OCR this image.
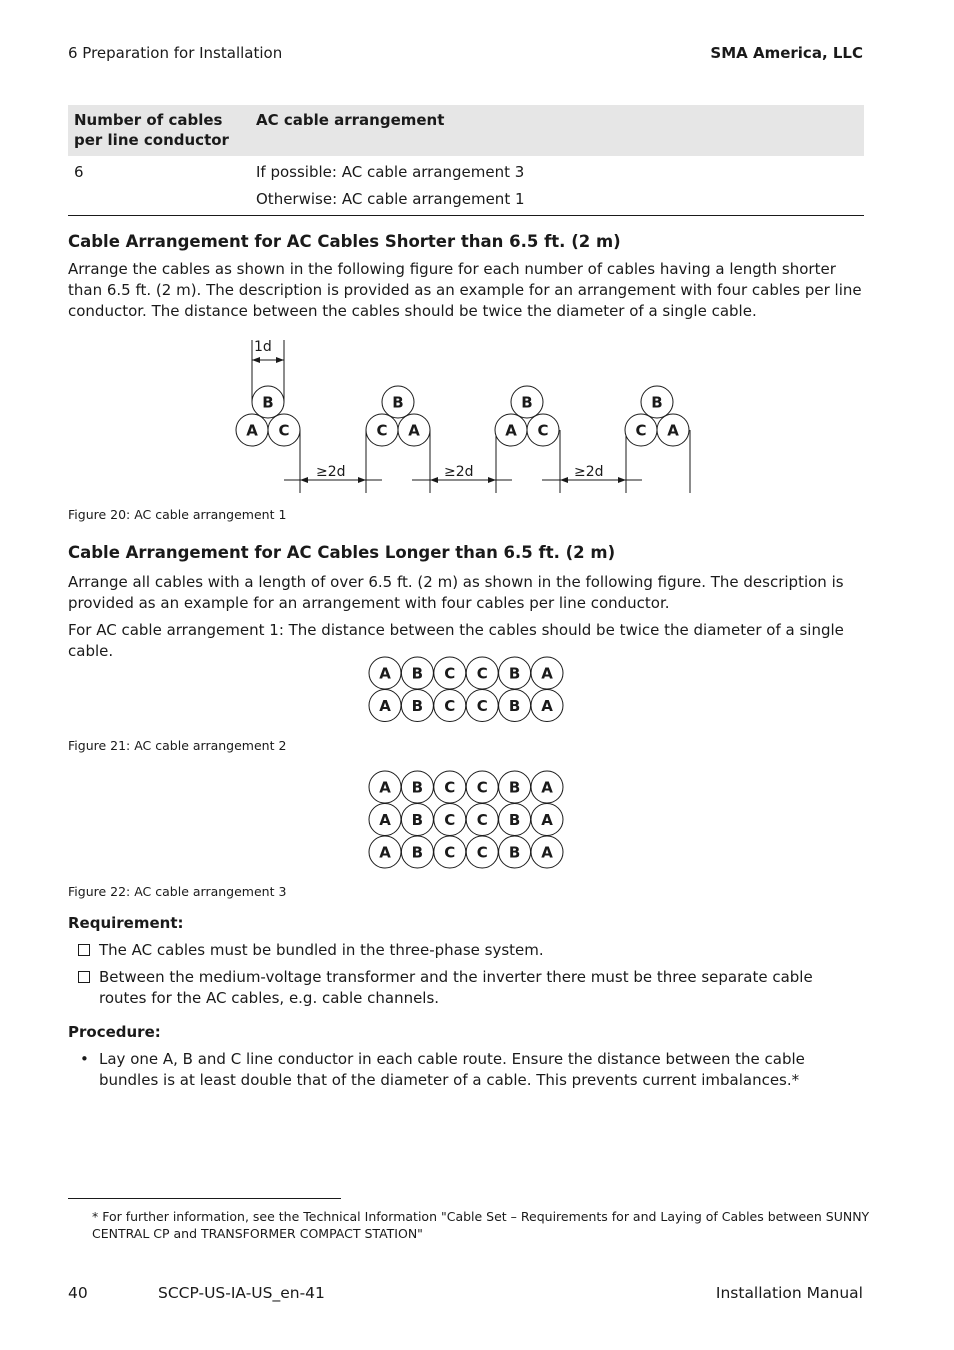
6 Preparation for Installation	SMA America, LLC
Number of cables per line conductor	AC cable arrangement
6	If possible: AC cable arrangement 3
	Otherwise: AC cable arrangement 1
Cable Arrangement for AC Cables Shorter than 6.5 ft. (2 m)
Arrange the cables as shown in the following figure for each number of cables having a length shorter than 6.5 ft. (2 m). The description is provided as an example for an arrangement with four cables per line conductor. The distance between the cables should be twice the diameter of a single cable.
A C
B
C A
B
A C
B
C A
B
1d
≥2d	≥2d	≥2d
Figure 20: AC cable arrangement 1
Cable Arrangement for AC Cables Longer than 6.5 ft. (2 m)
Arrange all cables with a length of over 6.5 ft. (2 m) as shown in the following figure. The description is provided as an example for an arrangement with four cables per line conductor.
For AC cable arrangement 1: The distance between the cables should be twice the diameter of a single cable.
A B C C B A
A B C C B A
Figure 21: AC cable arrangement 2
A B C C B A
A B C C B A
A B C C B A
Figure 22: AC cable arrangement 3
Requirement:
The AC cables must be bundled in the three-phase system.
Between the medium-voltage transformer and the inverter there must be three separate cable routes for the AC cables, e.g. cable channels.
Procedure:
• Lay one A, B and C line conductor in each cable route. Ensure the distance between the cable bundles is at least double that of the diameter of a cable. This prevents current imbalances.*
* For further information, see the Technical Information "Cable Set – Requirements for and Laying of Cables between SUNNY CENTRAL CP and TRANSFORMER COMPACT STATION"
40	SCCP-US-IA-US_en-41	Installation Manual
